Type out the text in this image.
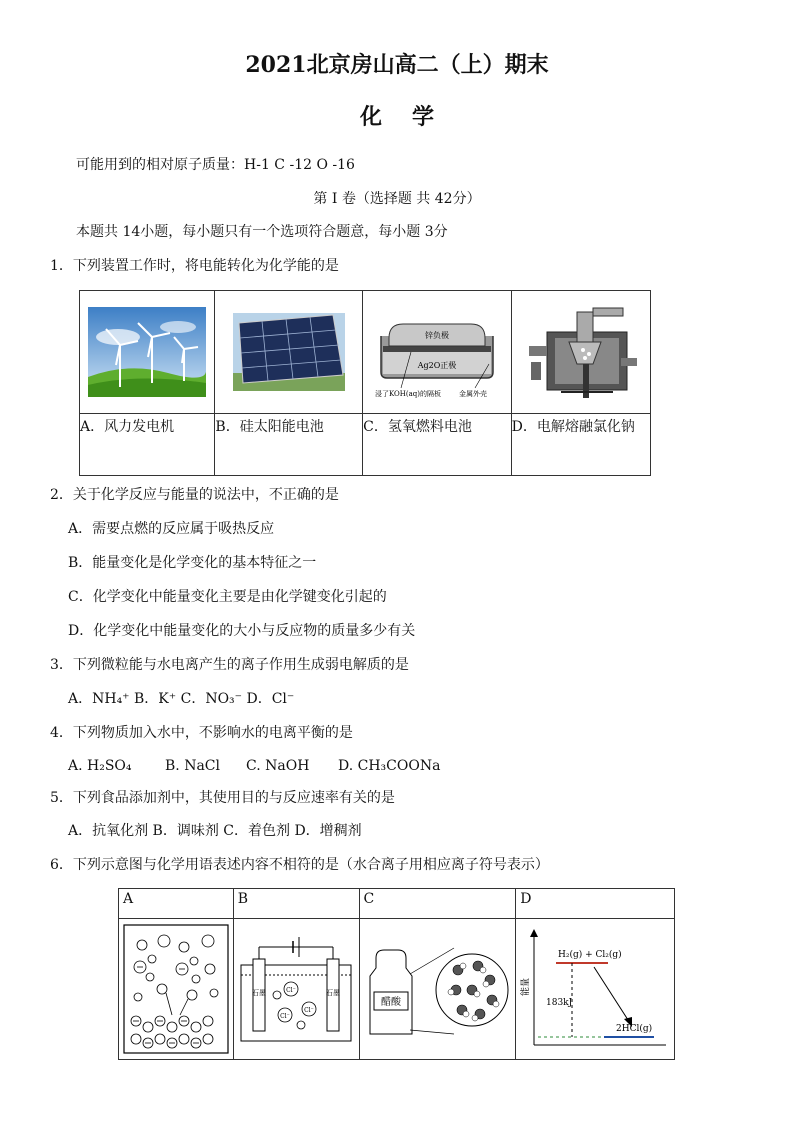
2021北京房山高二（上）期末
化学
可能用到的相对原子质量：H-1 C -12 O -16
第 I 卷（选择题 共 42分）
本题共 14小题，每小题只有一个选项符合题意，每小题 3分
1．下列装置工作时，将电能转化为化学能的是

锌负极
Ag2O正极
浸了KOH(aq)的隔板 金属外壳

A．风力发电机	B．硅太阳能电池	C．氢氧燃料电池	D．电解熔融氯化钠
2．关于化学反应与能量的说法中，不正确的是
A．需要点燃的反应属于吸热反应
B．能量变化是化学变化的基本特征之一
C．化学变化中能量变化主要是由化学键变化引起的
D．化学变化中能量变化的大小与反应物的质量多少有关
3．下列微粒能与水电离产生的离子作用生成弱电解质的是
A．NH₄⁺ B．K⁺ C．NO₃⁻ D．Cl⁻
4．下列物质加入水中，不影响水的电离平衡的是
A. H₂SO₄ B. NaCl C. NaOH D. CH₃COONa
5．下列食品添加剂中，其使用目的与反应速率有关的是
A．抗氧化剂 B．调味剂 C．着色剂 D．增稠剂
6．下列示意图与化学用语表述内容不相符的是（水合离子用相应离子符号表示）
A	B	C	D

石墨 石墨
Cl⁻
Cl⁻
Cl⁻	醋酸	能量
H₂(g) + Cl₂(g)
183kJ
2HCl(g)
